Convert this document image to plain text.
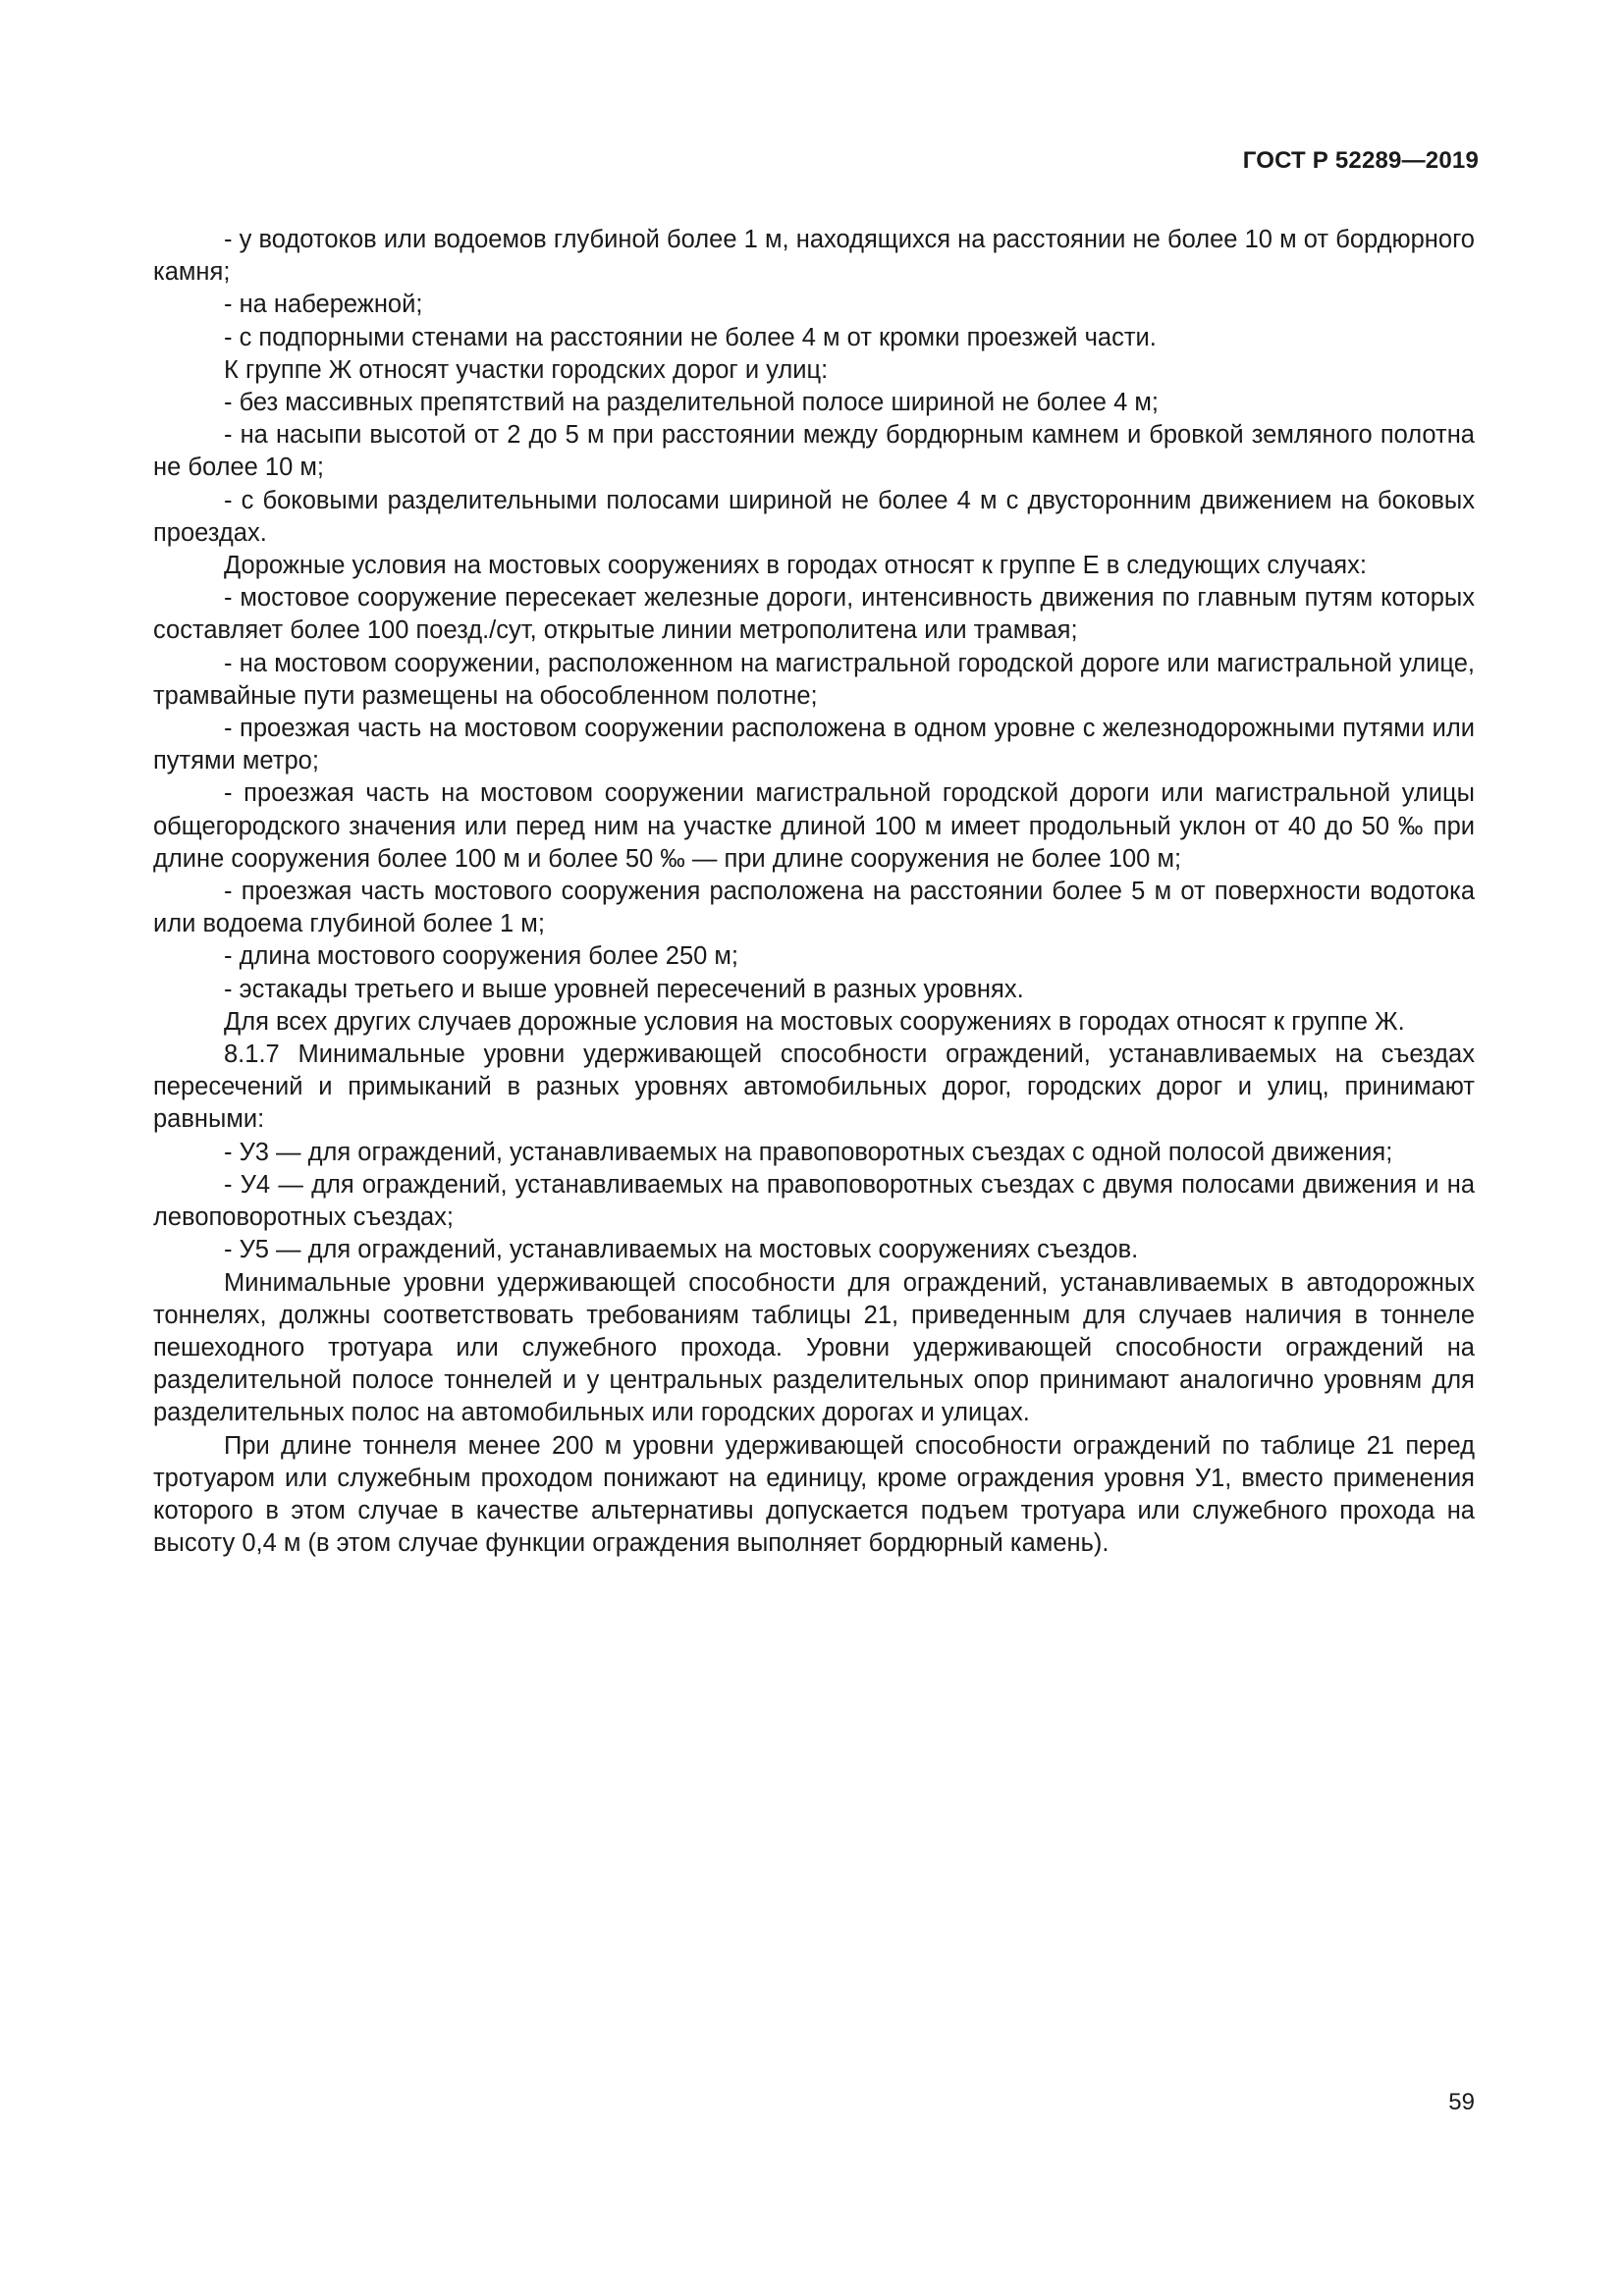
ГОСТ Р 52289—2019

- у водотоков или водоемов глубиной более 1 м, находящихся на расстоянии не более 10 м от бордюрного камня;

- на набережной;

- с подпорными стенами на расстоянии не более 4 м от кромки проезжей части.

К группе Ж относят участки городских дорог и улиц:

- без массивных препятствий на разделительной полосе шириной не более 4 м;

- на насыпи высотой от 2 до 5 м при расстоянии между бордюрным камнем и бровкой земляного полотна не более 10 м;

- с боковыми разделительными полосами шириной не более 4 м с двусторонним движением на боковых проездах.

Дорожные условия на мостовых сооружениях в городах относят к группе Е в следующих случаях:

- мостовое сооружение пересекает железные дороги, интенсивность движения по главным путям которых составляет более 100 поезд./сут, открытые линии метрополитена или трамвая;

- на мостовом сооружении, расположенном на магистральной городской дороге или магистральной улице, трамвайные пути размещены на обособленном полотне;

- проезжая часть на мостовом сооружении расположена в одном уровне с железнодорожными путями или путями метро;

- проезжая часть на мостовом сооружении магистральной городской дороги или магистральной улицы общегородского значения или перед ним на участке длиной 100 м имеет продольный уклон от 40 до 50 ‰ при длине сооружения более 100 м и более 50 ‰ — при длине сооружения не более 100 м;

- проезжая часть мостового сооружения расположена на расстоянии более 5 м от поверхности водотока или водоема глубиной более 1 м;

- длина мостового сооружения более 250 м;

- эстакады третьего и выше уровней пересечений в разных уровнях.

Для всех других случаев дорожные условия на мостовых сооружениях в городах относят к группе Ж.

8.1.7 Минимальные уровни удерживающей способности ограждений, устанавливаемых на съездах пересечений и примыканий в разных уровнях автомобильных дорог, городских дорог и улиц, принимают равными:

- У3 — для ограждений, устанавливаемых на правоповоротных съездах с одной полосой движения;

- У4 — для ограждений, устанавливаемых на правоповоротных съездах с двумя полосами движения и на левоповоротных съездах;

- У5 — для ограждений, устанавливаемых на мостовых сооружениях съездов.

Минимальные уровни удерживающей способности для ограждений, устанавливаемых в автодорожных тоннелях, должны соответствовать требованиям таблицы 21, приведенным для случаев наличия в тоннеле пешеходного тротуара или служебного прохода. Уровни удерживающей способности ограждений на разделительной полосе тоннелей и у центральных разделительных опор принимают аналогично уровням для разделительных полос на автомобильных или городских дорогах и улицах.

При длине тоннеля менее 200 м уровни удерживающей способности ограждений по таблице 21 перед тротуаром или служебным проходом понижают на единицу, кроме ограждения уровня У1, вместо применения которого в этом случае в качестве альтернативы допускается подъем тротуара или служебного прохода на высоту 0,4 м (в этом случае функции ограждения выполняет бордюрный камень).

59
